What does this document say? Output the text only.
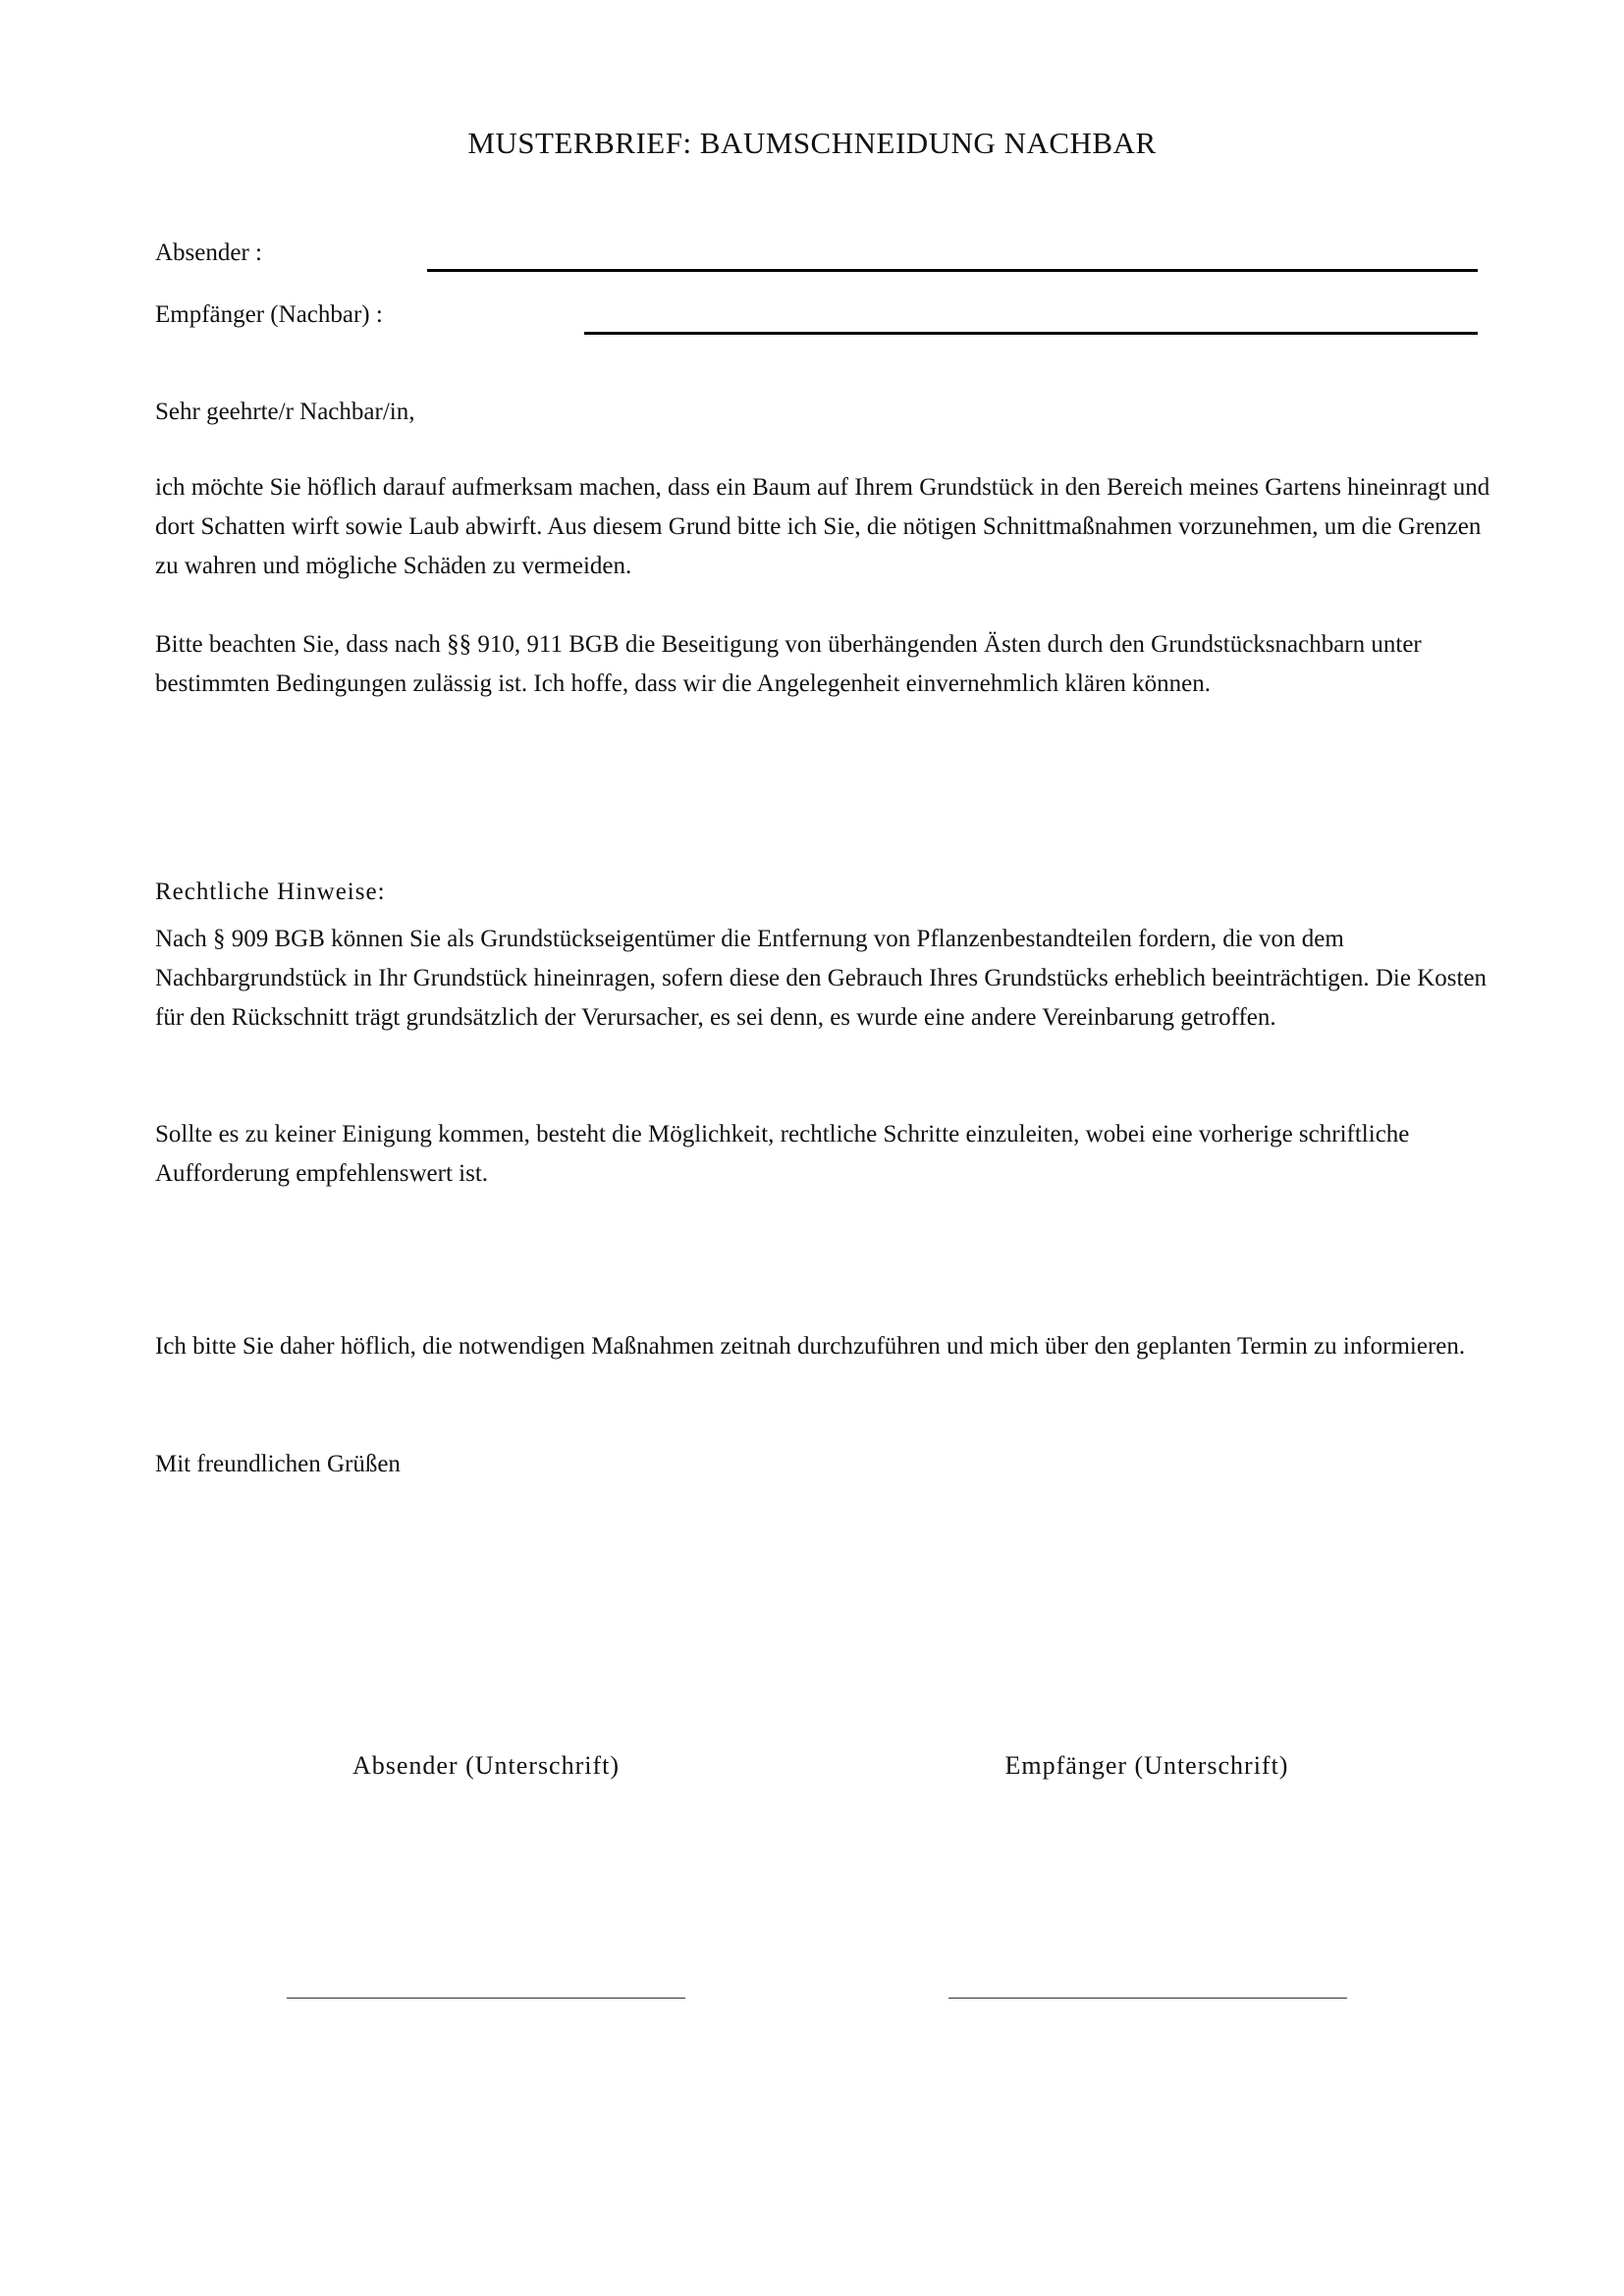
MUSTERBRIEF: BAUMSCHNEIDUNG NACHBAR
Absender :
Empfänger (Nachbar) :

Sehr geehrte/r Nachbar/in,

ich möchte Sie höflich darauf aufmerksam machen, dass ein Baum auf Ihrem Grundstück in den Bereich meines Gartens hineinragt und dort Schatten wirft sowie Laub abwirft. Aus diesem Grund bitte ich Sie, die nötigen Schnittmaßnahmen vorzunehmen, um die Grenzen zu wahren und mögliche Schäden zu vermeiden.

Bitte beachten Sie, dass nach §§ 910, 911 BGB die Beseitigung von überhängenden Ästen durch den Grundstücksnachbarn unter bestimmten Bedingungen zulässig ist. Ich hoffe, dass wir die Angelegenheit einvernehmlich klären können.

Rechtliche Hinweise:

Nach § 909 BGB können Sie als Grundstückseigentümer die Entfernung von Pflanzenbestandteilen fordern, die von dem Nachbargrundstück in Ihr Grundstück hineinragen, sofern diese den Gebrauch Ihres Grundstücks erheblich beeinträchtigen. Die Kosten für den Rückschnitt trägt grundsätzlich der Verursacher, es sei denn, es wurde eine andere Vereinbarung getroffen.

Sollte es zu keiner Einigung kommen, besteht die Möglichkeit, rechtliche Schritte einzuleiten, wobei eine vorherige schriftliche Aufforderung empfehlenswert ist.

Ich bitte Sie daher höflich, die notwendigen Maßnahmen zeitnah durchzuführen und mich über den geplanten Termin zu informieren.

Mit freundlichen Grüßen

Absender (Unterschrift)	Empfänger (Unterschrift)
